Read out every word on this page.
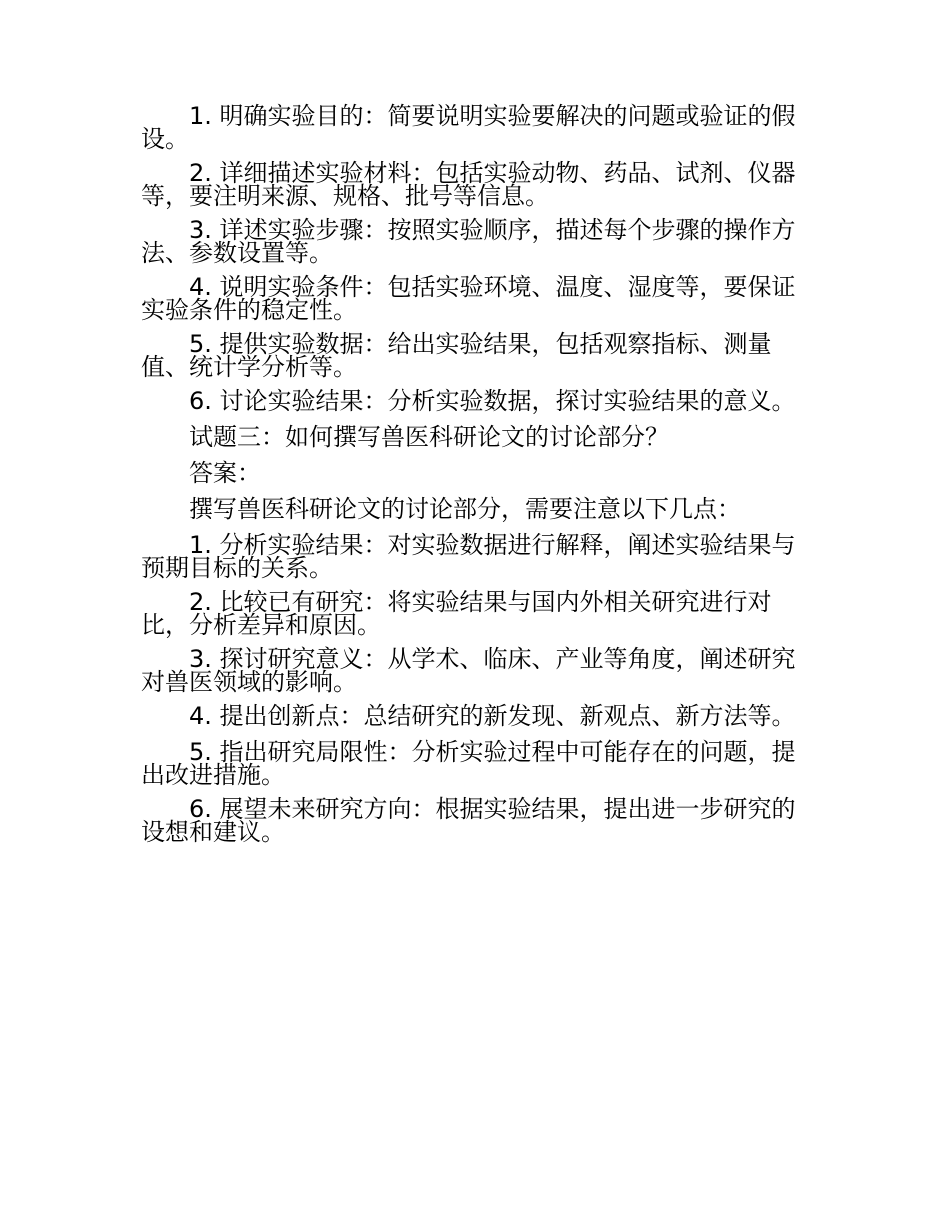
1. 明确实验目的：简要说明实验要解决的问题或验证的假设。

2. 详细描述实验材料：包括实验动物、药品、试剂、仪器等，要注明来源、规格、批号等信息。

3. 详述实验步骤：按照实验顺序，描述每个步骤的操作方法、参数设置等。

4. 说明实验条件：包括实验环境、温度、湿度等，要保证实验条件的稳定性。

5. 提供实验数据：给出实验结果，包括观察指标、测量值、统计学分析等。

6. 讨论实验结果：分析实验数据，探讨实验结果的意义。

试题三：如何撰写兽医科研论文的讨论部分？

答案：

撰写兽医科研论文的讨论部分，需要注意以下几点：

1. 分析实验结果：对实验数据进行解释，阐述实验结果与预期目标的关系。

2. 比较已有研究：将实验结果与国内外相关研究进行对比，分析差异和原因。

3. 探讨研究意义：从学术、临床、产业等角度，阐述研究对兽医领域的影响。

4. 提出创新点：总结研究的新发现、新观点、新方法等。

5. 指出研究局限性：分析实验过程中可能存在的问题，提出改进措施。

6. 展望未来研究方向：根据实验结果，提出进一步研究的设想和建议。
